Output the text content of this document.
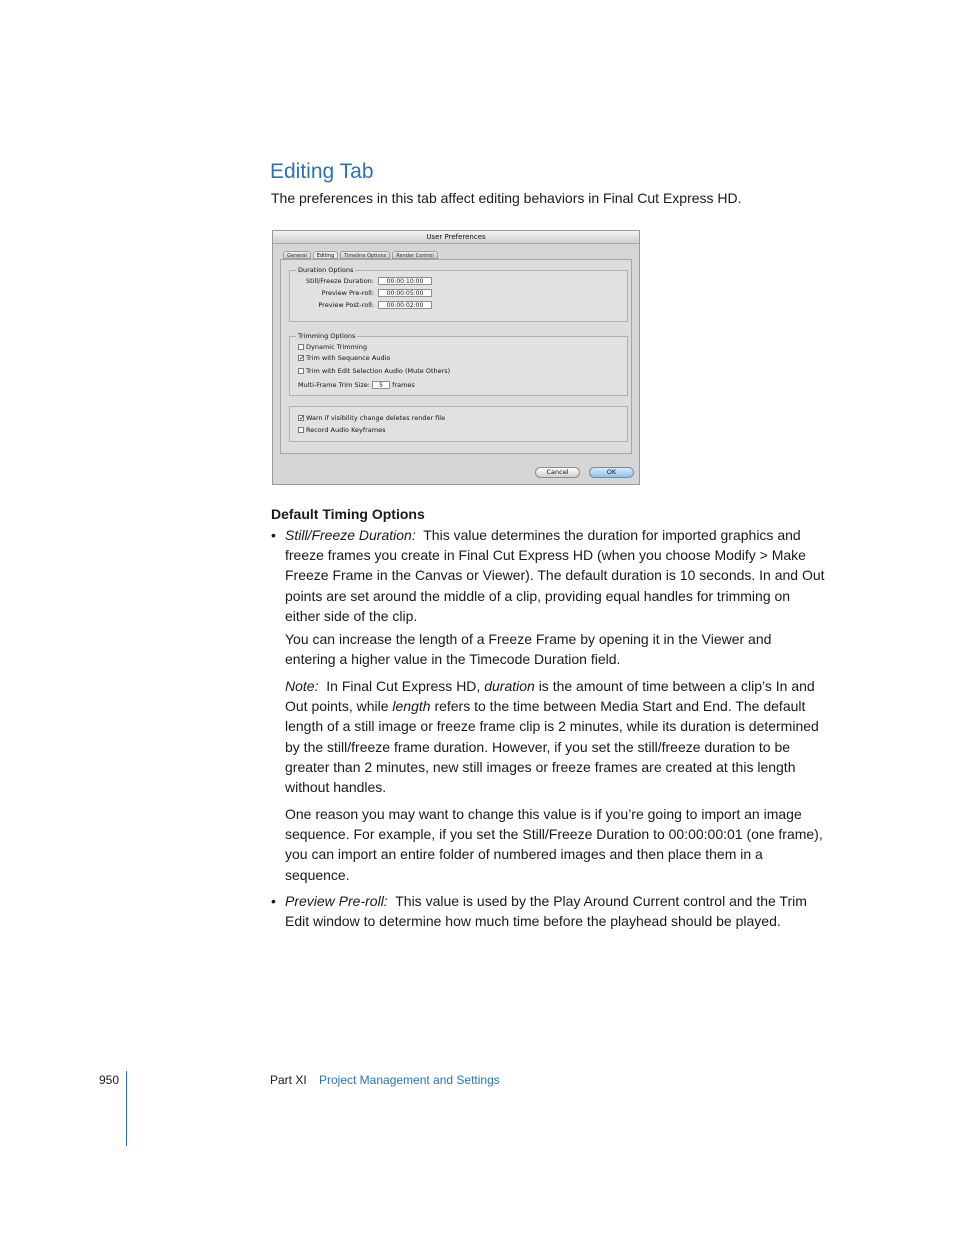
Editing Tab

The preferences in this tab affect editing behaviors in Final Cut Express HD.

User Preferences
General	Editing	Timeline Options	Render Control
Duration Options
Still/Freeze Duration: 00:00:10:00
Preview Pre-roll: 00:00:05:00
Preview Post-roll: 00:00:02:00
Trimming Options
Dynamic Trimming
✓Trim with Sequence Audio
Trim with Edit Selection Audio (Mute Others)
Multi-Frame Trim Size: 5 frames
✓Warn if visibility change deletes render file
Record Audio Keyframes
Cancel	OK
Default Timing Options
• Still/Freeze Duration: This value determines the duration for imported graphics and freeze frames you create in Final Cut Express HD (when you choose Modify > Make Freeze Frame in the Canvas or Viewer). The default duration is 10 seconds. In and Out points are set around the middle of a clip, providing equal handles for trimming on either side of the clip.

You can increase the length of a Freeze Frame by opening it in the Viewer and entering a higher value in the Timecode Duration field.

Note: In Final Cut Express HD, duration is the amount of time between a clip’s In and Out points, while length refers to the time between Media Start and End. The default length of a still image or freeze frame clip is 2 minutes, while its duration is determined by the still/freeze frame duration. However, if you set the still/freeze duration to be greater than 2 minutes, new still images or freeze frames are created at this length without handles.

One reason you may want to change this value is if you’re going to import an image sequence. For example, if you set the Still/Freeze Duration to 00:00:00:01 (one frame), you can import an entire folder of numbered images and then place them in a sequence.

• Preview Pre-roll: This value is used by the Play Around Current control and the Trim Edit window to determine how much time before the playhead should be played.

950	Part XI Project Management and Settings
